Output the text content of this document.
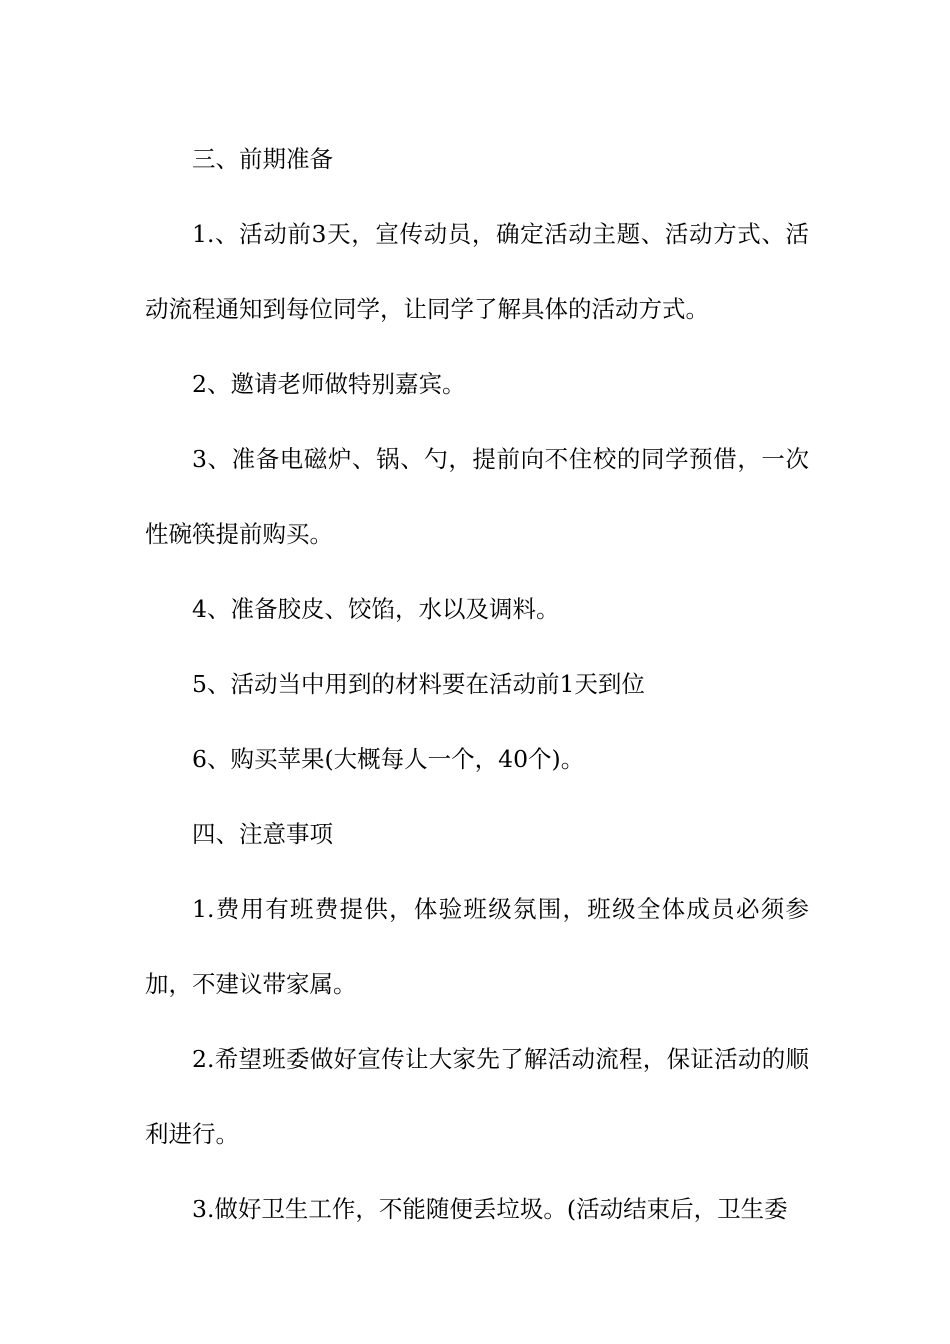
三、前期准备

1.、活动前3天，宣传动员，确定活动主题、活动方式、活动流程通知到每位同学，让同学了解具体的活动方式。

2、邀请老师做特别嘉宾。

3、准备电磁炉、锅、勺，提前向不住校的同学预借，一次性碗筷提前购买。

4、准备胶皮、饺馅，水以及调料。

5、活动当中用到的材料要在活动前1天到位

6、购买苹果(大概每人一个，40个)。

四、注意事项

1.费用有班费提供，体验班级氛围，班级全体成员必须参加，不建议带家属。

2.希望班委做好宣传让大家先了解活动流程，保证活动的顺利进行。

3.做好卫生工作，不能随便丢垃圾。(活动结束后，卫生委
